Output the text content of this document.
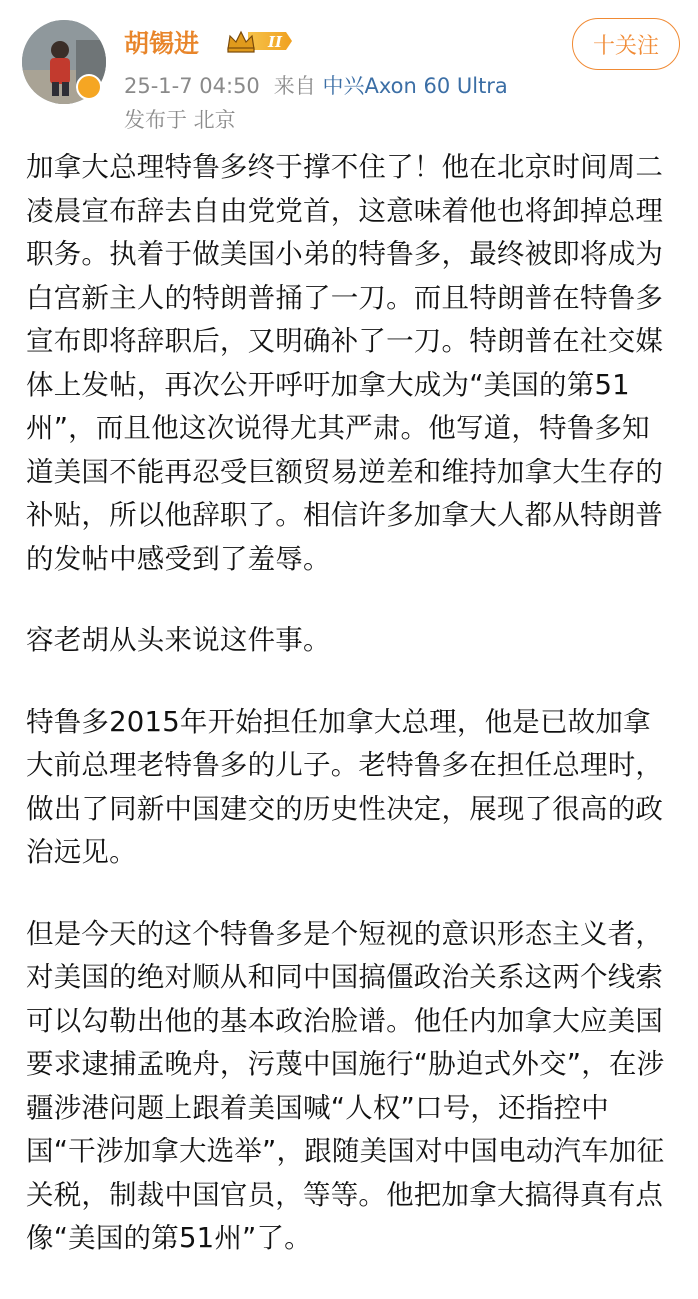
胡锡进	II
25-1-7 04:50 来自 中兴Axon 60 Ultra
发布于 北京
十关注

加拿大总理特鲁多终于撑不住了！他在北京时间周二凌晨宣布辞去自由党党首，这意味着他也将卸掉总理职务。执着于做美国小弟的特鲁多，最终被即将成为白宫新主人的特朗普捅了一刀。而且特朗普在特鲁多宣布即将辞职后，又明确补了一刀。特朗普在社交媒体上发帖，再次公开呼吁加拿大成为“美国的第51州”，而且他这次说得尤其严肃。他写道，特鲁多知道美国不能再忍受巨额贸易逆差和维持加拿大生存的补贴，所以他辞职了。相信许多加拿大人都从特朗普的发帖中感受到了羞辱。

容老胡从头来说这件事。

特鲁多2015年开始担任加拿大总理，他是已故加拿大前总理老特鲁多的儿子。老特鲁多在担任总理时，做出了同新中国建交的历史性决定，展现了很高的政治远见。

但是今天的这个特鲁多是个短视的意识形态主义者，对美国的绝对顺从和同中国搞僵政治关系这两个线索可以勾勒出他的基本政治脸谱。他任内加拿大应美国要求逮捕孟晚舟，污蔑中国施行“胁迫式外交”，在涉疆涉港问题上跟着美国喊“人权”口号，还指控中国“干涉加拿大选举”，跟随美国对中国电动汽车加征关税，制裁中国官员，等等。他把加拿大搞得真有点像“美国的第51州”了。
